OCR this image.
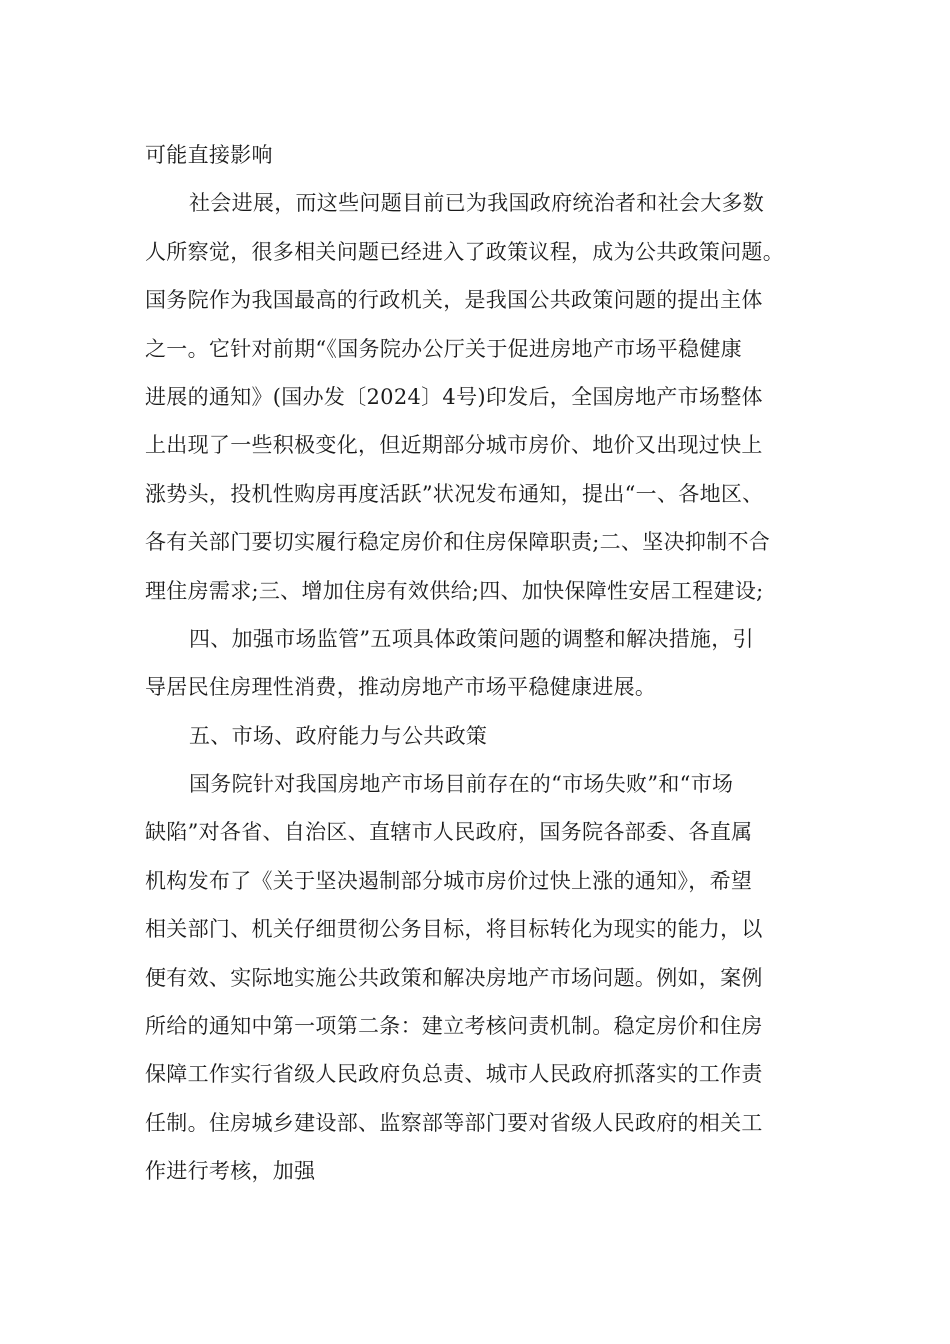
可能直接影响
社会进展，而这些问题目前已为我国政府统治者和社会大多数
人所察觉，很多相关问题已经进入了政策议程，成为公共政策问题。
国务院作为我国最高的行政机关，是我国公共政策问题的提出主体
之一。它针对前期“《国务院办公厅关于促进房地产市场平稳健康
进展的通知》(国办发〔2024〕4号)印发后，全国房地产市场整体
上出现了一些积极变化，但近期部分城市房价、地价又出现过快上
涨势头，投机性购房再度活跃”状况发布通知，提出“一、各地区、
各有关部门要切实履行稳定房价和住房保障职责;二、坚决抑制不合
理住房需求;三、增加住房有效供给;四、加快保障性安居工程建设;
四、加强市场监管”五项具体政策问题的调整和解决措施，引
导居民住房理性消费，推动房地产市场平稳健康进展。
五、市场、政府能力与公共政策
国务院针对我国房地产市场目前存在的“市场失败”和“市场
缺陷”对各省、自治区、直辖市人民政府，国务院各部委、各直属
机构发布了《关于坚决遏制部分城市房价过快上涨的通知》，希望
相关部门、机关仔细贯彻公务目标，将目标转化为现实的能力，以
便有效、实际地实施公共政策和解决房地产市场问题。例如，案例
所给的通知中第一项第二条：建立考核问责机制。稳定房价和住房
保障工作实行省级人民政府负总责、城市人民政府抓落实的工作责
任制。住房城乡建设部、监察部等部门要对省级人民政府的相关工
作进行考核，加强
